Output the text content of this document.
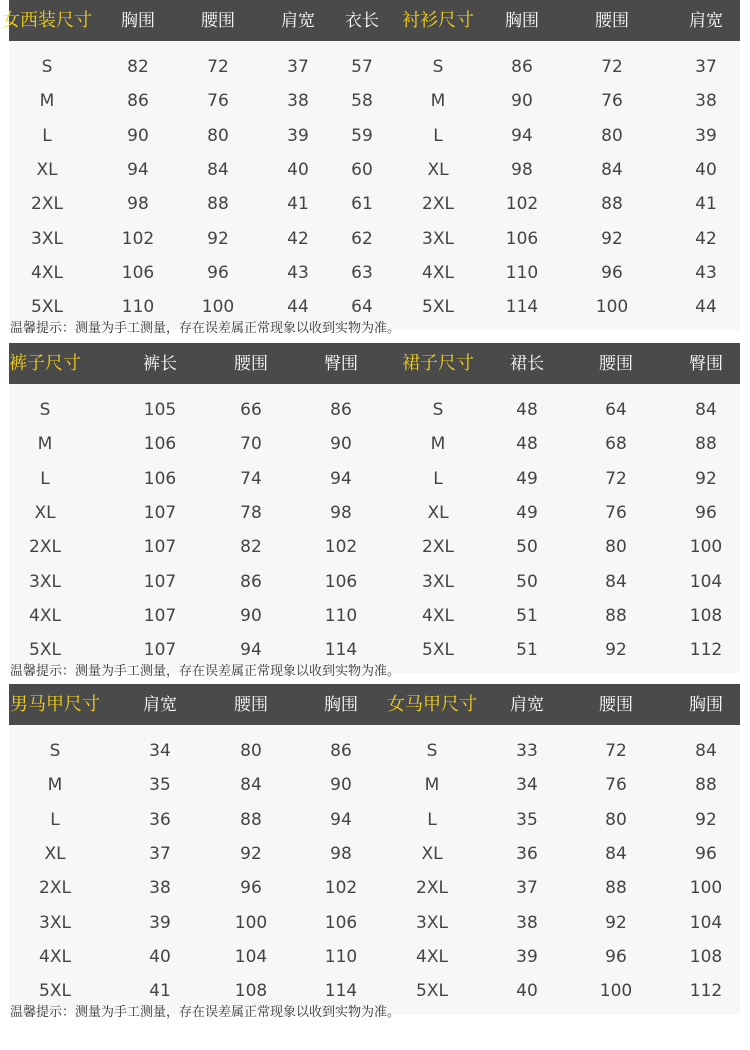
女西装尺寸 胸围	腰围	肩宽 衣长 衬衫尺寸 胸围	腰围	肩宽
S	82	72	37 57	S	86	72	37
M	86	76	38 58	M	90	76	38
L	90	80	39 59	L	94	80	39
XL	94	84	40 60	XL	98	84	40
2XL	98	88	41 61	2XL	102	88	41
3XL	102	92	42 62	3XL	106	92	42
4XL	106	96	43 63	4XL	110	96	43
5XL	110	100	44 64	5XL	114	100	44
温馨提示：测量为手工测量，存在误差属正常现象以收到实物为准。
裤子尺寸	裤长	腰围	臀围 裙子尺寸 裙长	腰围	臀围
S	105	66	86	S	48	64	84
M	106	70	90	M	48	68	88
L	106	74	94	L	49	72	92
XL	107	78	98	XL	49	76	96
2XL	107	82	102	2XL	50	80	100
3XL	107	86	106	3XL	50	84	104
4XL	107	90	110	4XL	51	88	108
5XL	107	94	114	5XL	51	92	112
温馨提示：测量为手工测量，存在误差属正常现象以收到实物为准。
男马甲尺寸	肩宽	腰围	胸围 女马甲尺寸 肩宽	腰围	胸围
S	34	80	86	S	33	72	84
M	35	84	90	M	34	76	88
L	36	88	94	L	35	80	92
XL	37	92	98	XL	36	84	96
2XL	38	96	102	2XL	37	88	100
3XL	39	100	106	3XL	38	92	104
4XL	40	104	110	4XL	39	96	108
5XL	41	108	114	5XL	40	100	112
温馨提示：测量为手工测量，存在误差属正常现象以收到实物为准。
